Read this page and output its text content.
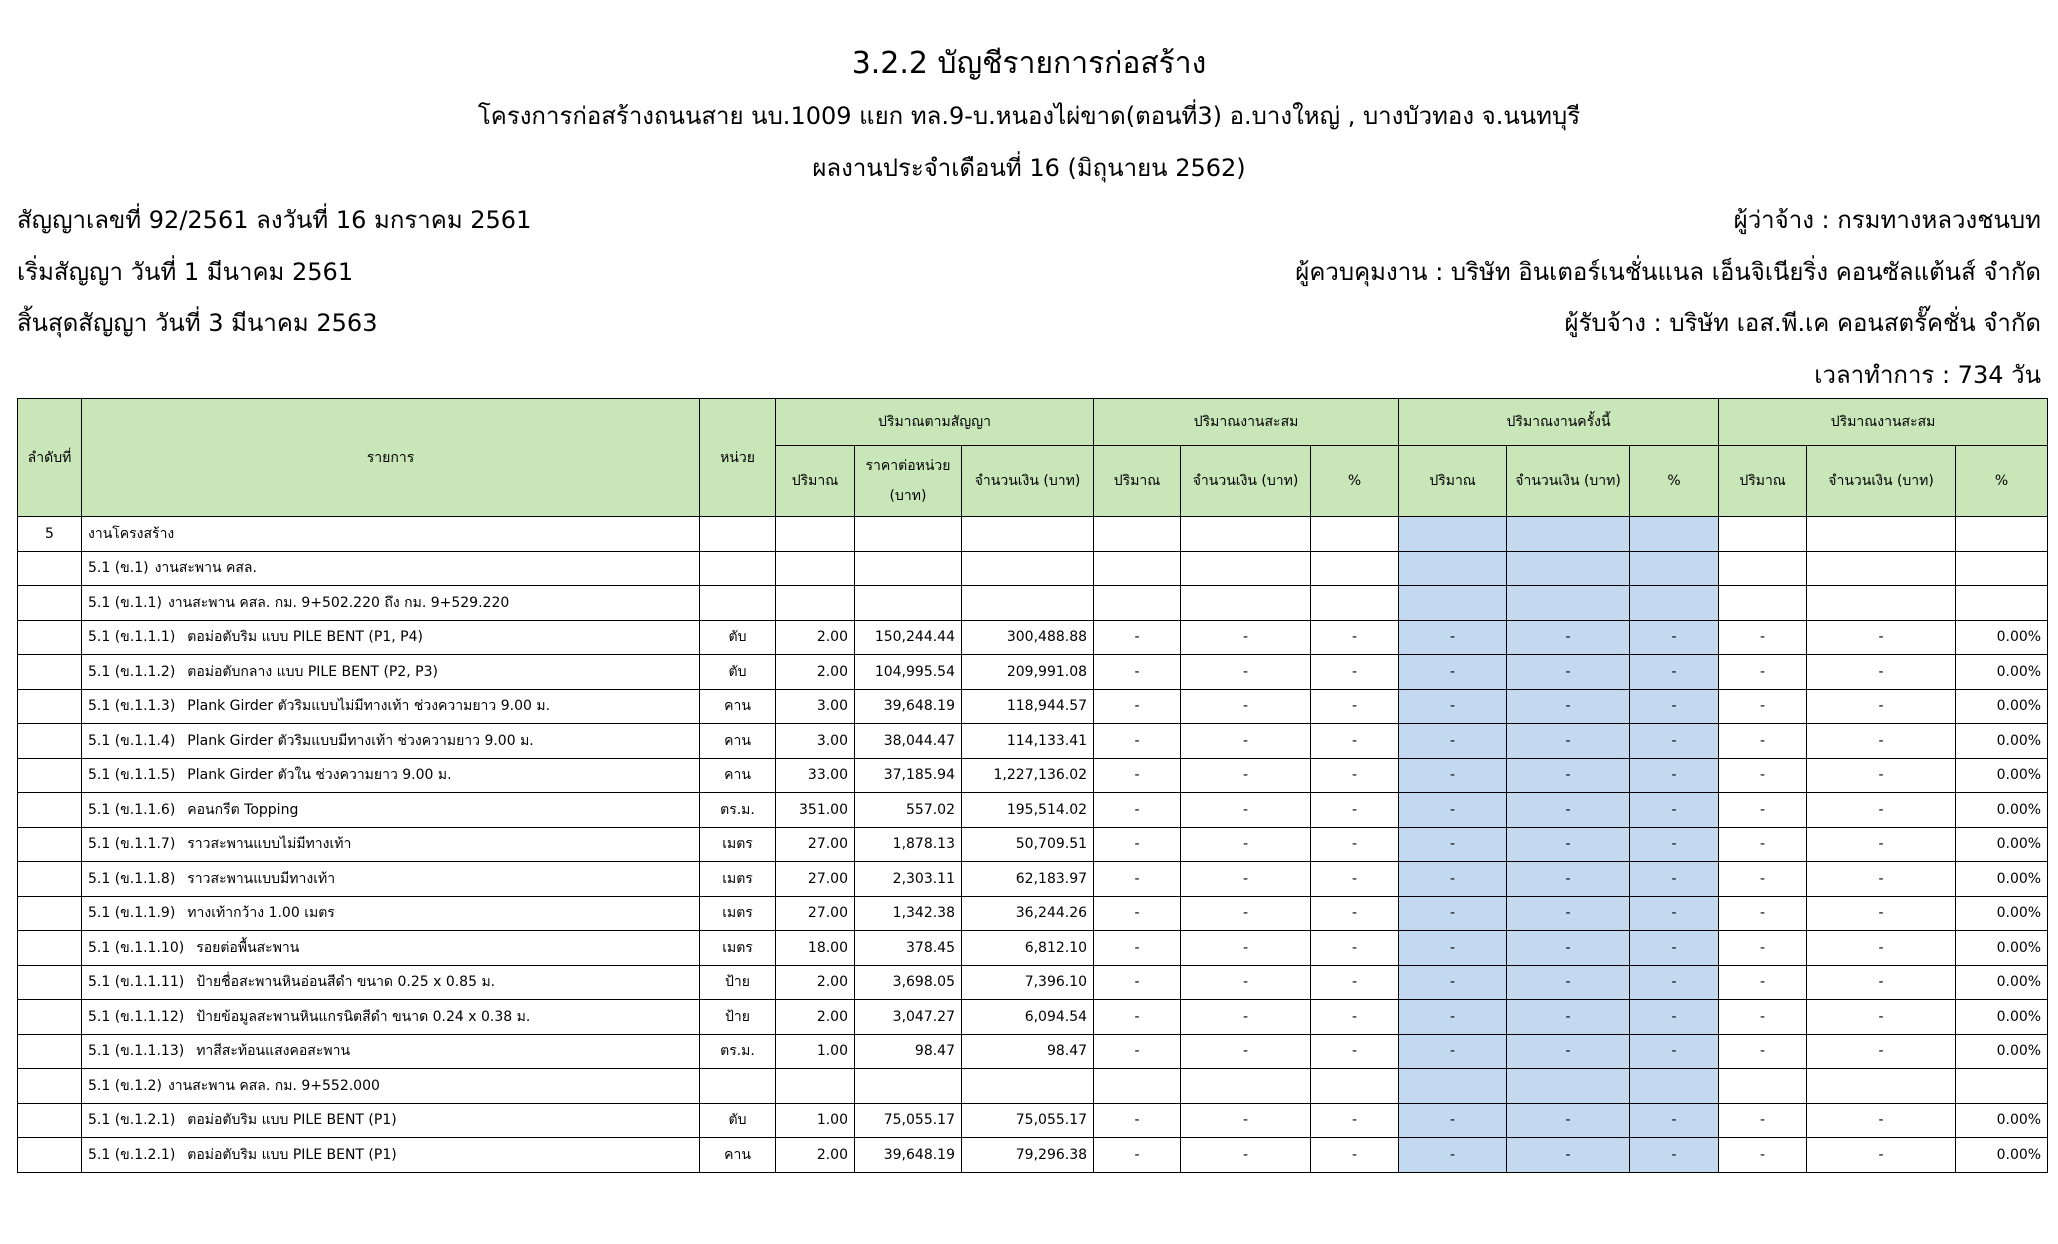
3.2.2 บัญชีรายการก่อสร้าง
โครงการก่อสร้างถนนสาย นบ.1009 แยก ทล.9-บ.หนองไผ่ขาด(ตอนที่3) อ.บางใหญ่ , บางบัวทอง จ.นนทบุรี
ผลงานประจำเดือนที่ 16 (มิถุนายน 2562)
สัญญาเลขที่ 92/2561 ลงวันที่ 16 มกราคม 2561
เริ่มสัญญา วันที่ 1 มีนาคม 2561
สิ้นสุดสัญญา วันที่ 3 มีนาคม 2563
ผู้ว่าจ้าง : กรมทางหลวงชนบท
ผู้ควบคุมงาน : บริษัท อินเตอร์เนชั่นแนล เอ็นจิเนียริ่ง คอนซัลแต้นส์ จำกัด
ผู้รับจ้าง : บริษัท เอส.พี.เค คอนสตรั๊คชั่น จำกัด
เวลาทำการ : 734 วัน
ลำดับที่	รายการ	หน่วย	ปริมาณตามสัญญา			ปริมาณงานสะสม			ปริมาณงานครั้งนี้			ปริมาณงานสะสม		
			ปริมาณ	ราคาต่อหน่วย (บาท)	จำนวนเงิน (บาท)	ปริมาณ	จำนวนเงิน (บาท)	%	ปริมาณ	จำนวนเงิน (บาท)	%	ปริมาณ	จำนวนเงิน (บาท)	%
5	งานโครงสร้าง													
	5.1 (ข.1) งานสะพาน คสล.													
	5.1 (ข.1.1) งานสะพาน คสล. กม. 9+502.220 ถึง กม. 9+529.220													
	5.1 (ข.1.1.1) ตอม่อตับริม แบบ PILE BENT (P1, P4)	ตับ	2.00	150,244.44	300,488.88	-	-	-	-	-	-	-	-	0.00%
	5.1 (ข.1.1.2) ตอม่อตับกลาง แบบ PILE BENT (P2, P3)	ตับ	2.00	104,995.54	209,991.08	-	-	-	-	-	-	-	-	0.00%
	5.1 (ข.1.1.3) Plank Girder ตัวริมแบบไม่มีทางเท้า ช่วงความยาว 9.00 ม.	คาน	3.00	39,648.19	118,944.57	-	-	-	-	-	-	-	-	0.00%
	5.1 (ข.1.1.4) Plank Girder ตัวริมแบบมีทางเท้า ช่วงความยาว 9.00 ม.	คาน	3.00	38,044.47	114,133.41	-	-	-	-	-	-	-	-	0.00%
	5.1 (ข.1.1.5) Plank Girder ตัวใน ช่วงความยาว 9.00 ม.	คาน	33.00	37,185.94	1,227,136.02	-	-	-	-	-	-	-	-	0.00%
	5.1 (ข.1.1.6) คอนกรีต Topping	ตร.ม.	351.00	557.02	195,514.02	-	-	-	-	-	-	-	-	0.00%
	5.1 (ข.1.1.7) ราวสะพานแบบไม่มีทางเท้า	เมตร	27.00	1,878.13	50,709.51	-	-	-	-	-	-	-	-	0.00%
	5.1 (ข.1.1.8) ราวสะพานแบบมีทางเท้า	เมตร	27.00	2,303.11	62,183.97	-	-	-	-	-	-	-	-	0.00%
	5.1 (ข.1.1.9) ทางเท้ากว้าง 1.00 เมตร	เมตร	27.00	1,342.38	36,244.26	-	-	-	-	-	-	-	-	0.00%
	5.1 (ข.1.1.10) รอยต่อพื้นสะพาน	เมตร	18.00	378.45	6,812.10	-	-	-	-	-	-	-	-	0.00%
	5.1 (ข.1.1.11) ป้ายชื่อสะพานหินอ่อนสีดำ ขนาด 0.25 x 0.85 ม.	ป้าย	2.00	3,698.05	7,396.10	-	-	-	-	-	-	-	-	0.00%
	5.1 (ข.1.1.12) ป้ายข้อมูลสะพานหินแกรนิตสีดำ ขนาด 0.24 x 0.38 ม.	ป้าย	2.00	3,047.27	6,094.54	-	-	-	-	-	-	-	-	0.00%
	5.1 (ข.1.1.13) ทาสีสะท้อนแสงคอสะพาน	ตร.ม.	1.00	98.47	98.47	-	-	-	-	-	-	-	-	0.00%
	5.1 (ข.1.2) งานสะพาน คสล. กม. 9+552.000													
	5.1 (ข.1.2.1) ตอม่อตับริม แบบ PILE BENT (P1)	ตับ	1.00	75,055.17	75,055.17	-	-	-	-	-	-	-	-	0.00%
	5.1 (ข.1.2.1) ตอม่อตับริม แบบ PILE BENT (P1)	คาน	2.00	39,648.19	79,296.38	-	-	-	-	-	-	-	-	0.00%
